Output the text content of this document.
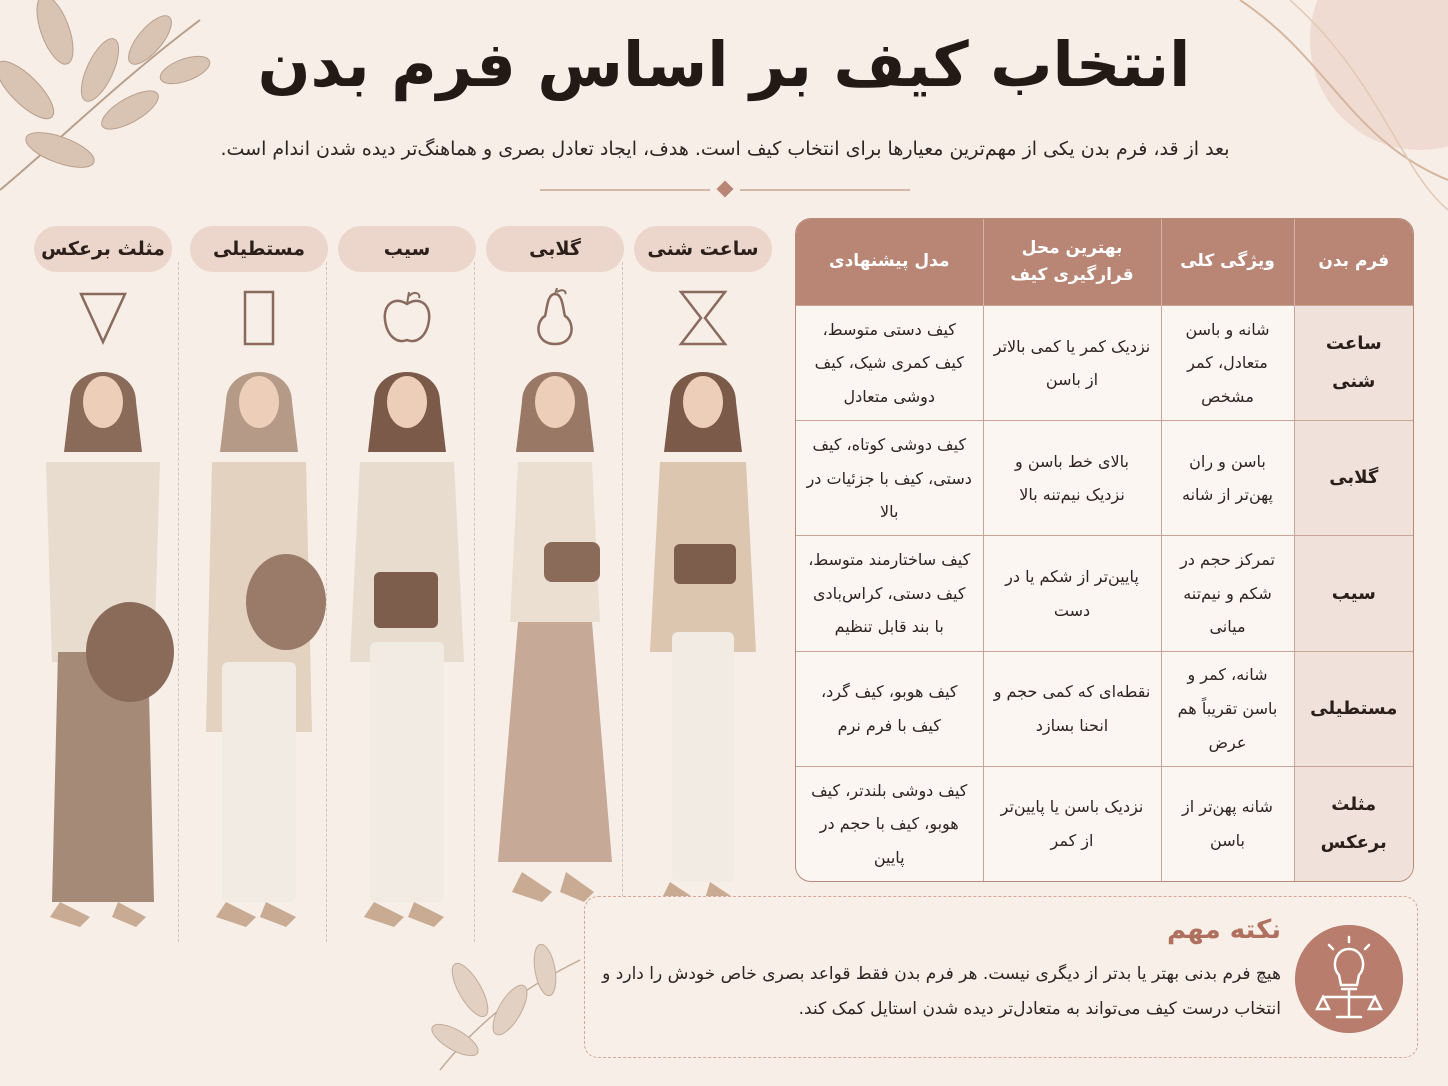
انتخاب کیف بر اساس فرم بدن

بعد از قد، فرم بدن یکی از مهم‌ترین معیارها برای انتخاب کیف است. هدف، ایجاد تعادل بصری و هماهنگ‌تر دیده شدن اندام است.

ساعت شنی
گلابی
سیب
مستطیلی
مثلث برعکس
فرم بدن	ویژگی کلی	بهترین محل قرارگیری کیف	مدل پیشنهادی
ساعت شنی	شانه و باسن متعادل، کمر مشخص	نزدیک کمر یا کمی بالاتر از باسن	کیف دستی متوسط، کیف کمری شیک، کیف دوشی متعادل
گلابی	باسن و ران پهن‌تر از شانه	بالای خط باسن و نزدیک نیم‌تنه بالا	کیف دوشی کوتاه، کیف دستی، کیف با جزئیات در بالا
سیب	تمرکز حجم در شکم و نیم‌تنه میانی	پایین‌تر از شکم یا در دست	کیف ساختارمند متوسط، کیف دستی، کراس‌بادی با بند قابل تنظیم
مستطیلی	شانه، کمر و باسن تقریباً هم عرض	نقطه‌ای که کمی حجم و انحنا بسازد	کیف هوبو، کیف گرد، کیف با فرم نرم
مثلث برعکس	شانه پهن‌تر از باسن	نزدیک باسن یا پایین‌تر از کمر	کیف دوشی بلندتر، کیف هوبو، کیف با حجم در پایین
نکته مهم

هیچ فرم بدنی بهتر یا بدتر از دیگری نیست. هر فرم بدن فقط قواعد بصری خاص خودش را دارد و انتخاب درست کیف می‌تواند به متعادل‌تر دیده شدن استایل کمک کند.
